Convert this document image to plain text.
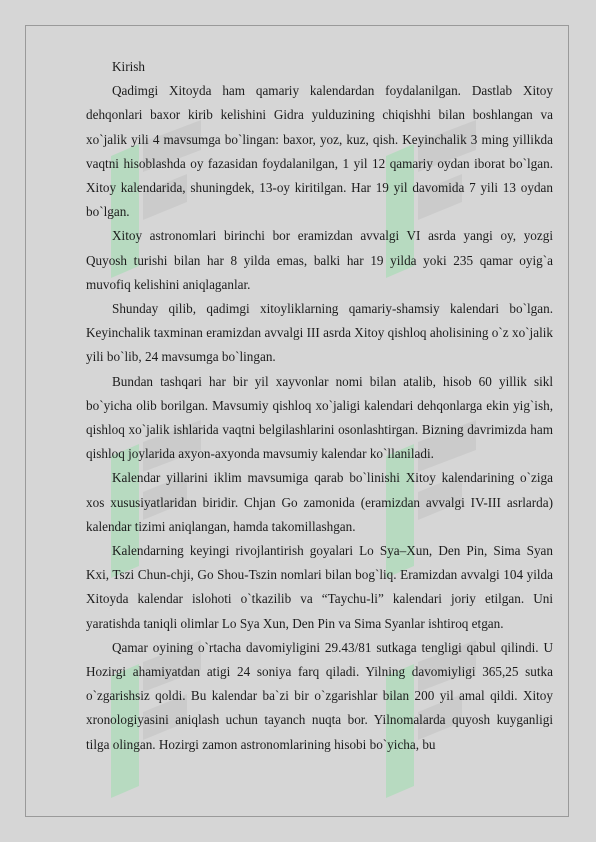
Kirish

Qadimgi Xitoyda ham qamariy kalendardan foydalanilgan. Dastlab Xitoy dehqonlari baxor kirib kelishini Gidra yulduzining chiqishhi bilan boshlangan va xo`jalik yili 4 mavsumga bo`lingan: baxor, yoz, kuz, qish. Keyinchalik 3 ming yillikda vaqtni hisoblashda oy fazasidan foydalanilgan, 1 yil 12 qamariy oydan iborat bo`lgan. Xitoy kalendarida, shuningdek, 13-oy kiritilgan. Har 19 yil davomida 7 yili 13 oydan bo`lgan.

Xitoy astronomlari birinchi bor eramizdan avvalgi VI asrda yangi oy, yozgi Quyosh turishi bilan har 8 yilda emas, balki har 19 yilda yoki 235 qamar oyig`a muvofiq kelishini aniqlaganlar.

Shunday qilib, qadimgi xitoyliklarning qamariy-shamsiy kalendari bo`lgan. Keyinchalik taxminan eramizdan avvalgi III asrda Xitoy qishloq aholisining o`z xo`jalik yili bo`lib, 24 mavsumga bo`lingan.

Bundan tashqari har bir yil xayvonlar nomi bilan atalib, hisob 60 yillik sikl bo`yicha olib borilgan. Mavsumiy qishloq xo`jaligi kalendari dehqonlarga ekin yig`ish, qishloq xo`jalik ishlarida vaqtni belgilashlarini osonlashtirgan. Bizning davrimizda ham qishloq joylarida axyon-axyonda mavsumiy kalendar ko`llaniladi.

Kalendar yillarini iklim mavsumiga qarab bo`linishi Xitoy kalendarining o`ziga xos xususiyatlaridan biridir. Chjan Go zamonida (eramizdan avvalgi IV-III asrlarda) kalendar tizimi aniqlangan, hamda takomillashgan.

Kalendarning keyingi rivojlantirish goyalari Lo Sya–Xun, Den Pin, Sima Syan Kxi, Tszi Chun-chji, Go Shou-Tszin nomlari bilan bog`liq. Eramizdan avvalgi 104 yilda Xitoyda kalendar islohoti o`tkazilib va “Taychu-li” kalendari joriy etilgan. Uni yaratishda taniqli olimlar Lo Sya Xun, Den Pin va Sima Syanlar ishtiroq etgan.

Qamar oyining o`rtacha davomiyligini 29.43/81 sutkaga tengligi qabul qilindi. U Hozirgi ahamiyatdan atigi 24 soniya farq qiladi. Yilning davomiyligi 365,25 sutka o`zgarishsiz qoldi. Bu kalendar ba`zi bir o`zgarishlar bilan 200 yil amal qildi. Xitoy xronologiyasini aniqlash uchun tayanch nuqta bor. Yilnomalarda quyosh kuyganligi tilga olingan. Hozirgi zamon astronomlarining hisobi bo`yicha, bu
